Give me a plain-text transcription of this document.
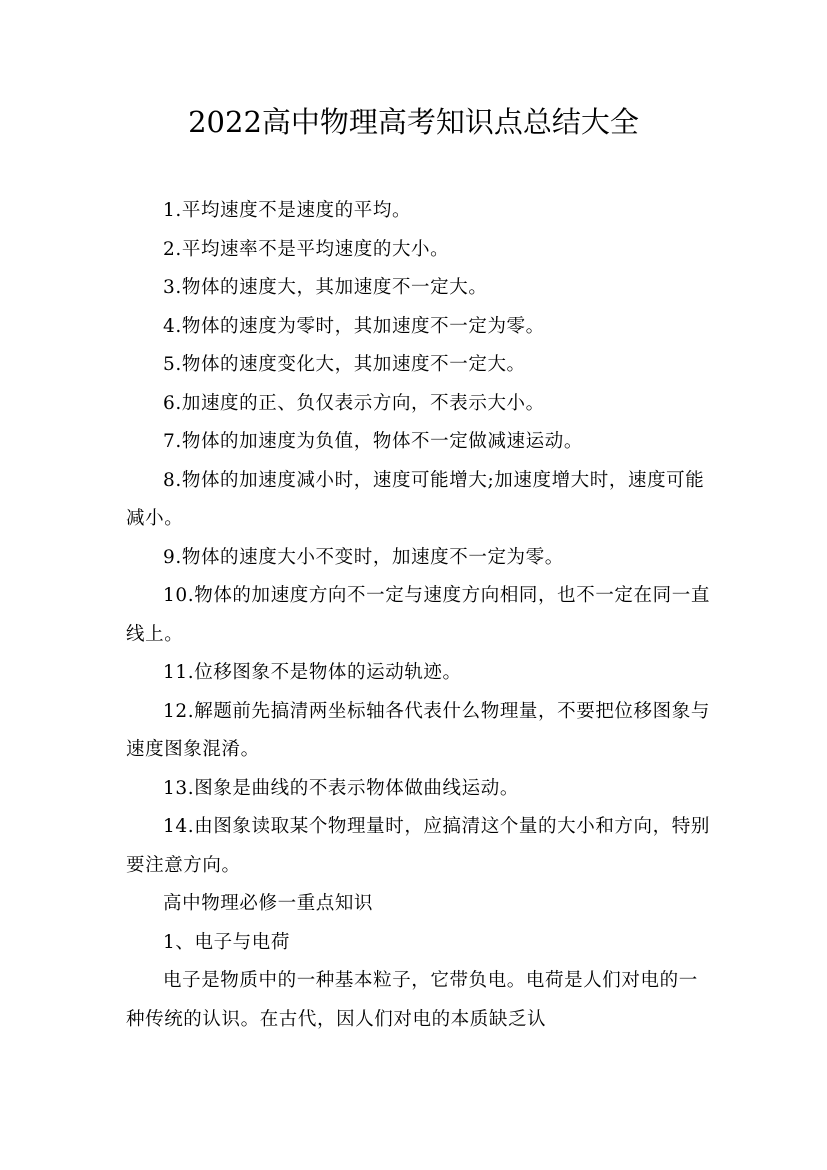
2022高中物理高考知识点总结大全

1.平均速度不是速度的平均。

2.平均速率不是平均速度的大小。

3.物体的速度大，其加速度不一定大。

4.物体的速度为零时，其加速度不一定为零。

5.物体的速度变化大，其加速度不一定大。

6.加速度的正、负仅表示方向，不表示大小。

7.物体的加速度为负值，物体不一定做减速运动。

8.物体的加速度减小时，速度可能增大;加速度增大时，速度可能减小。

9.物体的速度大小不变时，加速度不一定为零。

10.物体的加速度方向不一定与速度方向相同，也不一定在同一直线上。

11.位移图象不是物体的运动轨迹。

12.解题前先搞清两坐标轴各代表什么物理量，不要把位移图象与速度图象混淆。

13.图象是曲线的不表示物体做曲线运动。

14.由图象读取某个物理量时，应搞清这个量的大小和方向，特别要注意方向。

高中物理必修一重点知识

1、电子与电荷

电子是物质中的一种基本粒子，它带负电。电荷是人们对电的一种传统的认识。在古代，因人们对电的本质缺乏认
